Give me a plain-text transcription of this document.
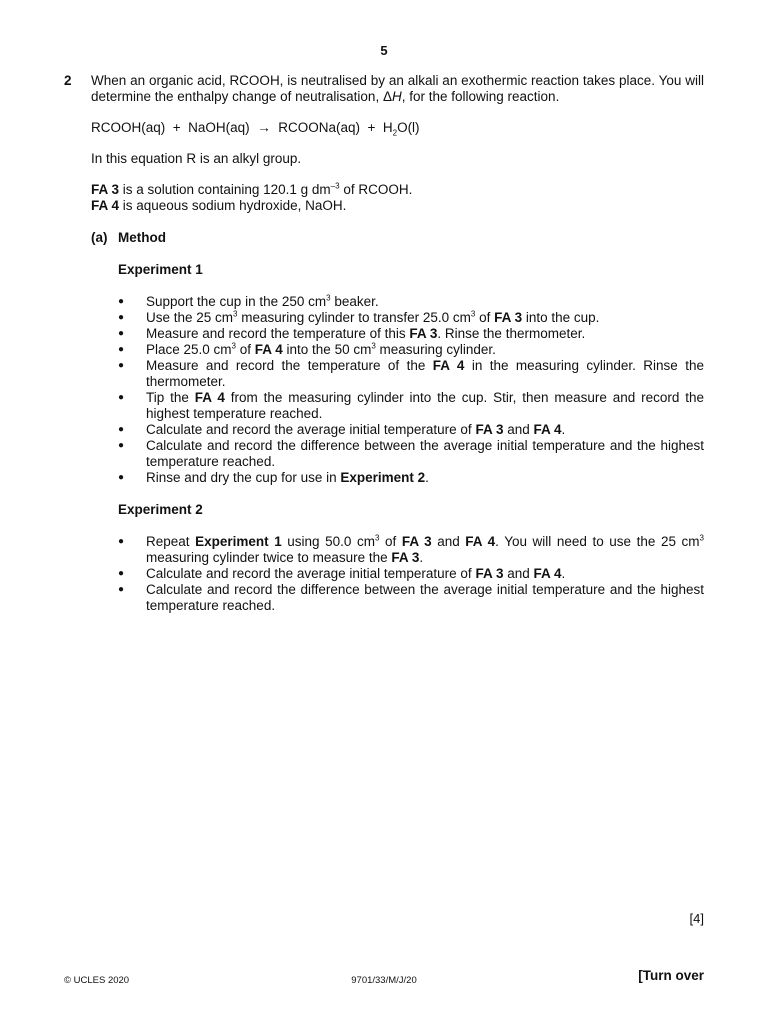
5
2 When an organic acid, RCOOH, is neutralised by an alkali an exothermic reaction takes place. You will determine the enthalpy change of neutralisation, ΔH, for the following reaction.

RCOOH(aq)  +  NaOH(aq) → RCOONa(aq)  +  $H_2O(l)$

In this equation R is an alkyl group.

FA 3 is a solution containing 120.1 g $dm^{-3}$ of RCOOH.

FA 4 is aqueous sodium hydroxide, NaOH.

(a) Method

Experiment 1

● Support the cup in the 250 $cm^3$ beaker.
● Use the 25 $cm^3$ measuring cylinder to transfer 25.0 $cm^3$ of FA 3 into the cup.
● Measure and record the temperature of this FA 3. Rinse the thermometer.
● Place 25.0 $cm^3$ of FA 4 into the 50 $cm^3$ measuring cylinder.
● Measure and record the temperature of the FA 4 in the measuring cylinder. Rinse the thermometer.
● Tip the FA 4 from the measuring cylinder into the cup. Stir, then measure and record the highest temperature reached.
● Calculate and record the average initial temperature of FA 3 and FA 4.
● Calculate and record the difference between the average initial temperature and the highest temperature reached.
● Rinse and dry the cup for use in Experiment 2.

Experiment 2

● Repeat Experiment 1 using 50.0 $cm^3$ of FA 3 and FA 4. You will need to use the 25 $cm^3$ measuring cylinder twice to measure the FA 3.
● Calculate and record the average initial temperature of FA 3 and FA 4.
● Calculate and record the difference between the average initial temperature and the highest temperature reached.
[4]
© UCLES 2020	9701/33/M/J/20	[Turn over
